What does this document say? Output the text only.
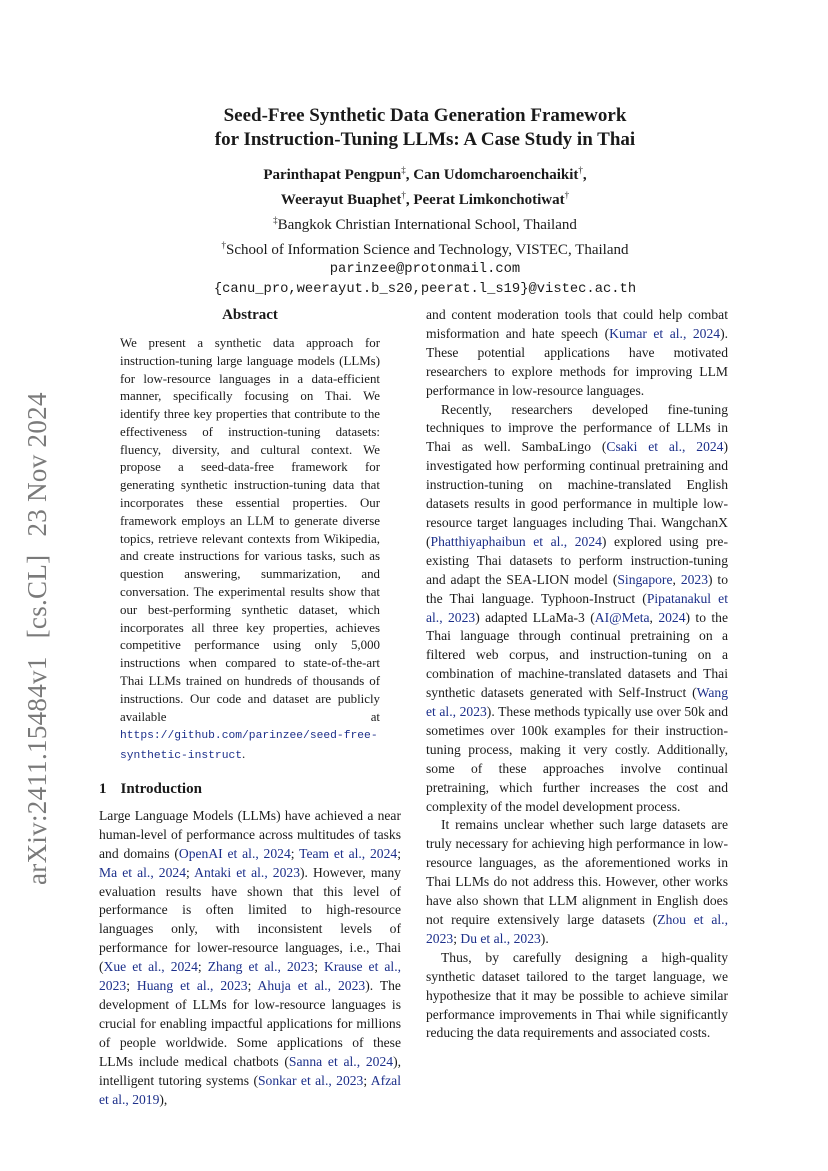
arXiv:2411.15484v1[cs.CL]23 Nov 2024
Seed-Free Synthetic Data Generation Framework
for Instruction-Tuning LLMs: A Case Study in Thai
Parinthapat Pengpun‡, Can Udomcharoenchaikit†,
Weerayut Buaphet†, Peerat Limkonchotiwat†
‡Bangkok Christian International School, Thailand
†School of Information Science and Technology, VISTEC, Thailand
parinzee@protonmail.com
{canu_pro,weerayut.b_s20,peerat.l_s19}@vistec.ac.th
Abstract
We present a synthetic data approach for instruction-tuning large language models (LLMs) for low-resource languages in a data-efficient manner, specifically focusing on Thai. We identify three key properties that contribute to the effectiveness of instruction-tuning datasets: fluency, diversity, and cultural context. We propose a seed-data-free framework for generating synthetic instruction-tuning data that incorporates these essential properties. Our framework employs an LLM to generate diverse topics, retrieve relevant contexts from Wikipedia, and create instructions for various tasks, such as question answering, summarization, and conversation. The experimental results show that our best-performing synthetic dataset, which incorporates all three key properties, achieves competitive performance using only 5,000 instructions when compared to state-of-the-art Thai LLMs trained on hundreds of thousands of instructions. Our code and dataset are publicly available at https://github.com/parinzee/seed-free-synthetic-instruct.
1 Introduction

Large Language Models (LLMs) have achieved a near human-level of performance across multitudes of tasks and domains (OpenAI et al., 2024; Team et al., 2024; Ma et al., 2024; Antaki et al., 2023). However, many evaluation results have shown that this level of performance is often limited to high-resource languages only, with inconsistent levels of performance for lower-resource languages, i.e., Thai (Xue et al., 2024; Zhang et al., 2023; Krause et al., 2023; Huang et al., 2023; Ahuja et al., 2023). The development of LLMs for low-resource languages is crucial for enabling impactful applications for millions of people worldwide. Some applications of these LLMs include medical chatbots (Sanna et al., 2024), intelligent tutoring systems (Sonkar et al., 2023; Afzal et al., 2019),

and content moderation tools that could help combat misformation and hate speech (Kumar et al., 2024). These potential applications have motivated researchers to explore methods for improving LLM performance in low-resource languages.

Recently, researchers developed fine-tuning techniques to improve the performance of LLMs in Thai as well. SambaLingo (Csaki et al., 2024) investigated how performing continual pretraining and instruction-tuning on machine-translated English datasets results in good performance in multiple low-resource target languages including Thai. WangchanX (Phatthiyaphaibun et al., 2024) explored using pre-existing Thai datasets to perform instruction-tuning and adapt the SEA-LION model (Singapore, 2023) to the Thai language. Typhoon-Instruct (Pipatanakul et al., 2023) adapted LLaMa-3 (AI@Meta, 2024) to the Thai language through continual pretraining on a filtered web corpus, and instruction-tuning on a combination of machine-translated datasets and Thai synthetic datasets generated with Self-Instruct (Wang et al., 2023). These methods typically use over 50k and sometimes over 100k examples for their instruction-tuning process, making it very costly. Additionally, some of these approaches involve continual pretraining, which further increases the cost and complexity of the model development process.

It remains unclear whether such large datasets are truly necessary for achieving high performance in low-resource languages, as the aforementioned works in Thai LLMs do not address this. However, other works have also shown that LLM alignment in English does not require extensively large datasets (Zhou et al., 2023; Du et al., 2023).

Thus, by carefully designing a high-quality synthetic dataset tailored to the target language, we hypothesize that it may be possible to achieve similar performance improvements in Thai while significantly reducing the data requirements and associated costs.
